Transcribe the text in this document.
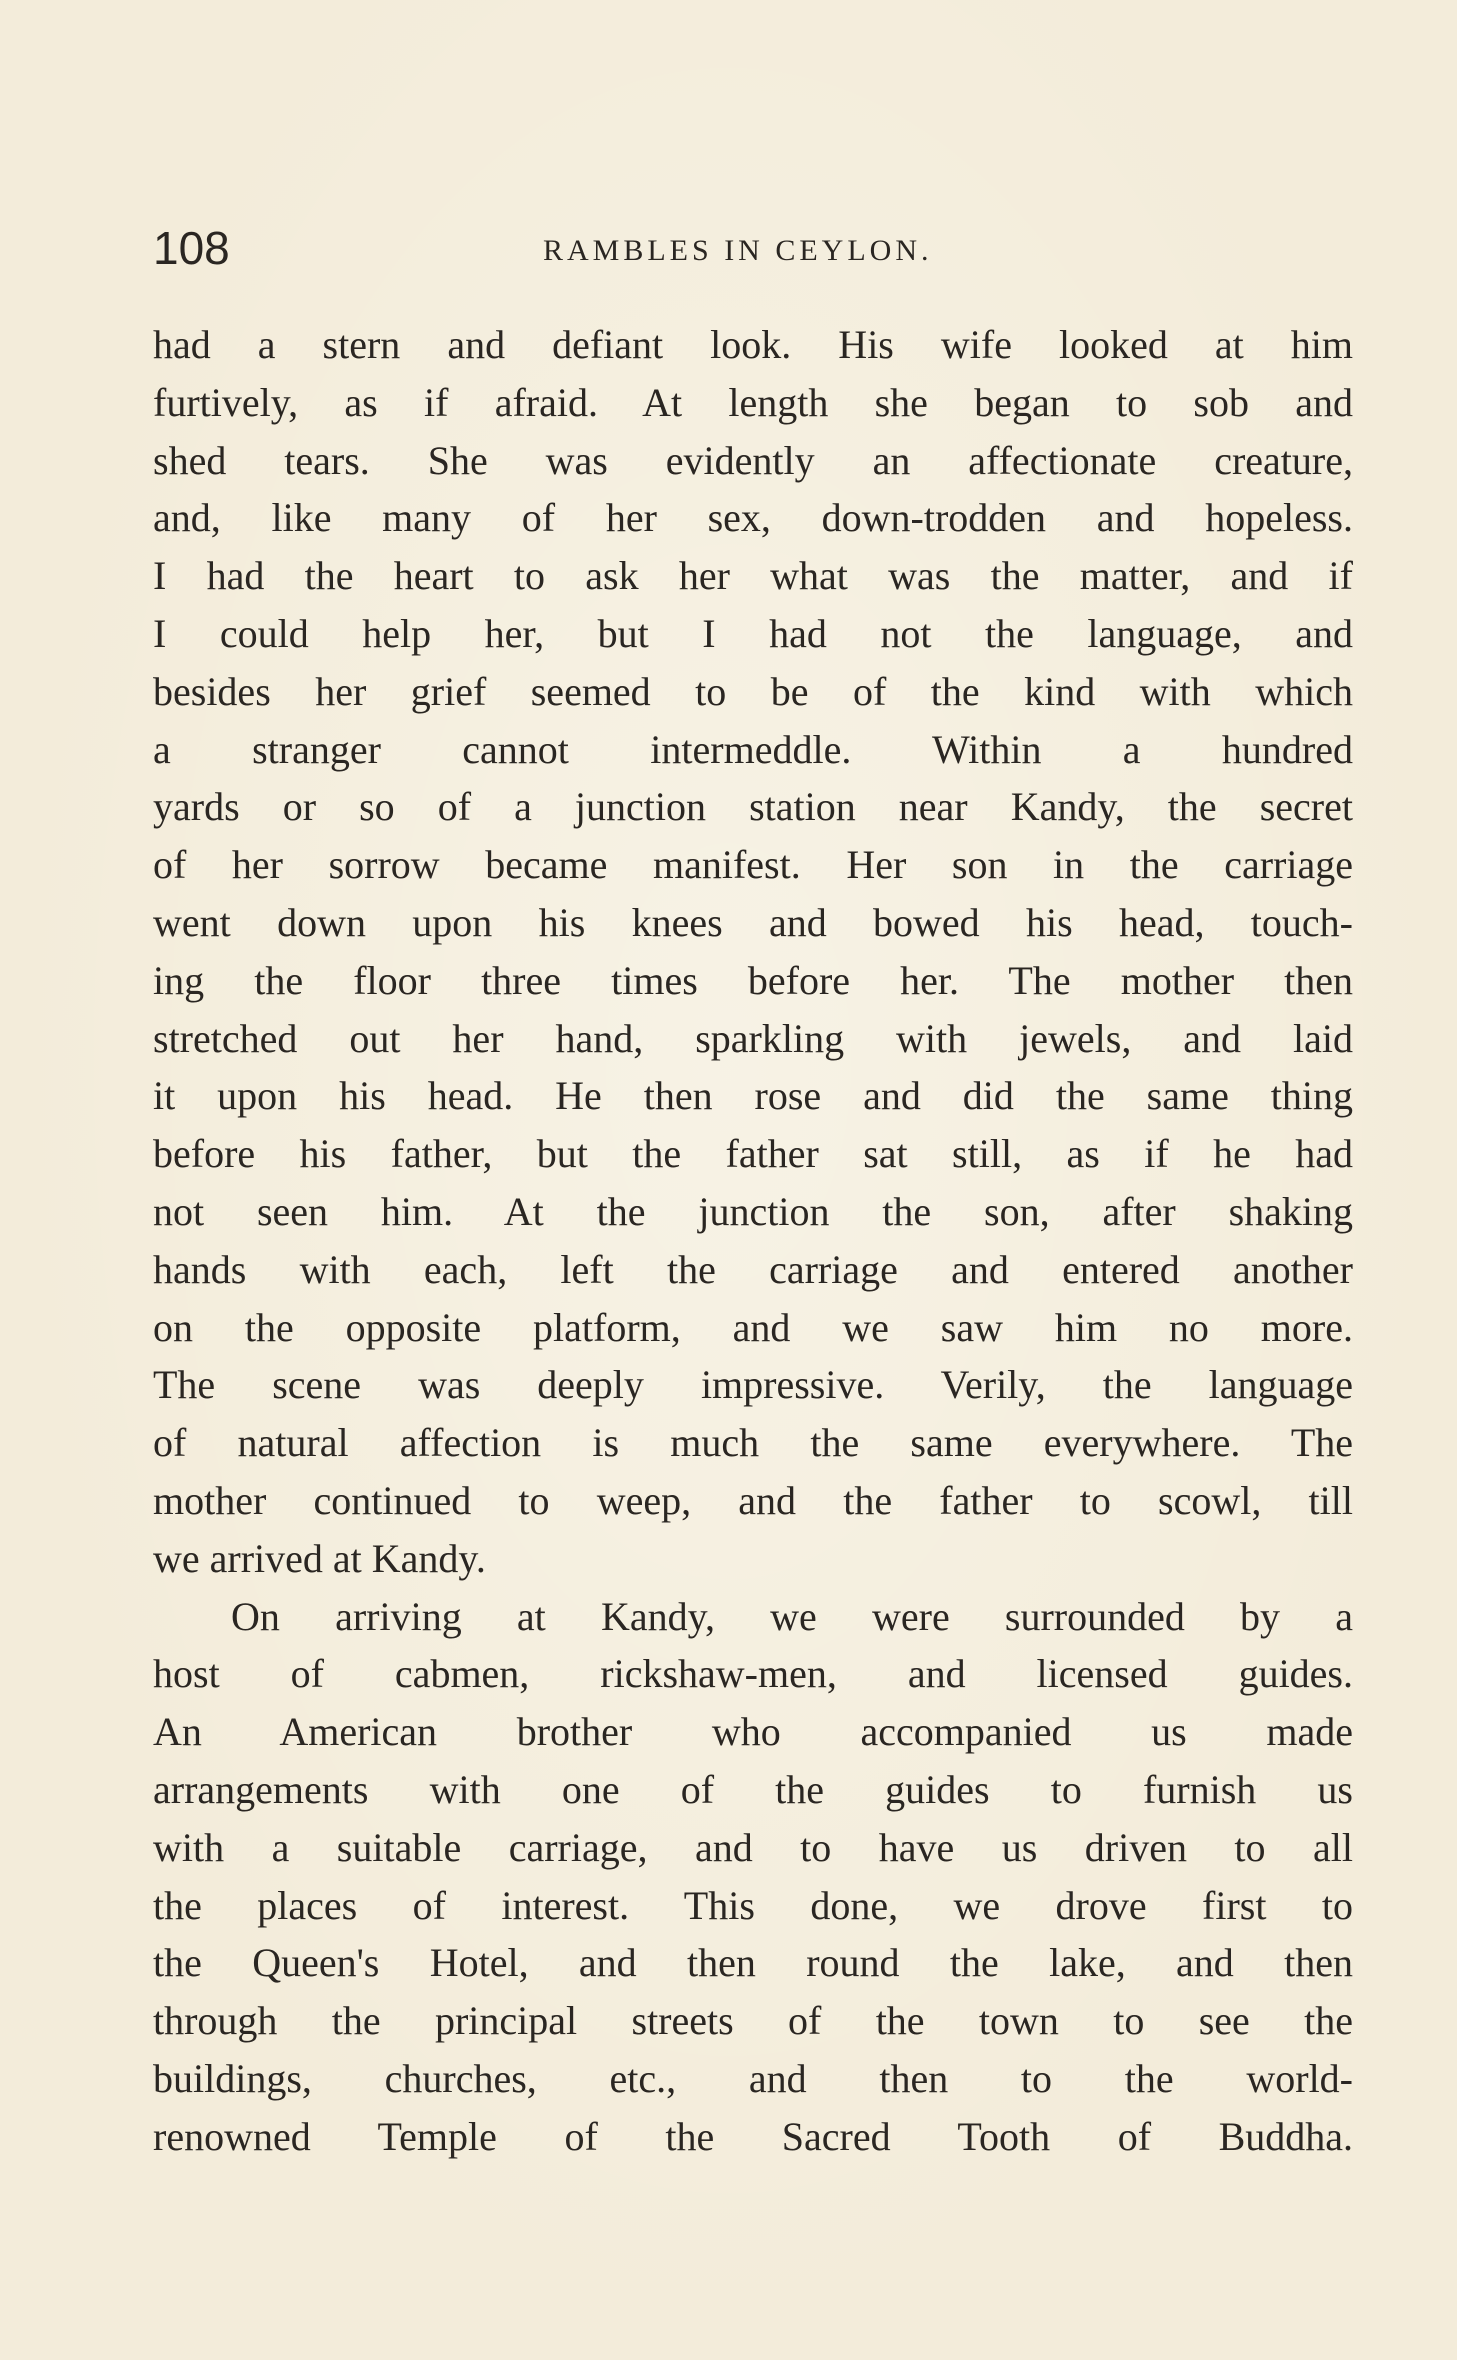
108	RAMBLES IN CEYLON.
had a stern and defiant look. His wife looked at him
furtively, as if afraid. At length she began to sob and
shed tears. She was evidently an affectionate creature,
and, like many of her sex, down-trodden and hopeless.
I had the heart to ask her what was the matter, and if
I could help her, but I had not the language, and
besides her grief seemed to be of the kind with which
a stranger cannot intermeddle. Within a hundred
yards or so of a junction station near Kandy, the secret
of her sorrow became manifest. Her son in the carriage
went down upon his knees and bowed his head, touch-
ing the floor three times before her. The mother then
stretched out her hand, sparkling with jewels, and laid
it upon his head. He then rose and did the same thing
before his father, but the father sat still, as if he had
not seen him. At the junction the son, after shaking
hands with each, left the carriage and entered another
on the opposite platform, and we saw him no more.
The scene was deeply impressive. Verily, the language
of natural affection is much the same everywhere. The
mother continued to weep, and the father to scowl, till
we arrived at Kandy.
On arriving at Kandy, we were surrounded by a
host of cabmen, rickshaw-men, and licensed guides.
An American brother who accompanied us made
arrangements with one of the guides to furnish us
with a suitable carriage, and to have us driven to all
the places of interest. This done, we drove first to
the Queen's Hotel, and then round the lake, and then
through the principal streets of the town to see the
buildings, churches, etc., and then to the world-
renowned Temple of the Sacred Tooth of Buddha.
